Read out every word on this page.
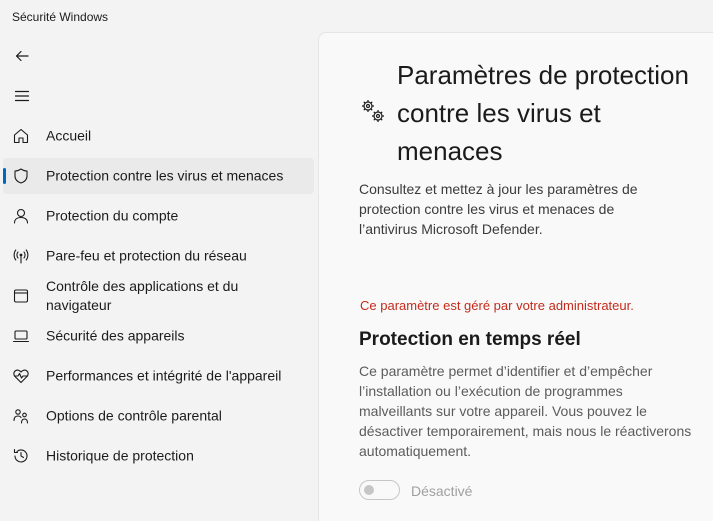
Sécurité Windows
Accueil
Protection contre les virus et menaces
Protection du compte
Pare-feu et protection du réseau
Contrôle des applications et du navigateur
Sécurité des appareils
Performances et intégrité de l'appareil
Options de contrôle parental
Historique de protection
Paramètres de protection contre les virus et menaces

Consultez et mettez à jour les paramètres de protection contre les virus et menaces de l’antivirus Microsoft Defender.

Ce paramètre est géré par votre administrateur.

Protection en temps réel

Ce paramètre permet d’identifier et d’empêcher l’installation ou l’exécution de programmes malveillants sur votre appareil. Vous pouvez le désactiver temporairement, mais nous le réactiverons automatiquement.

Désactivé
